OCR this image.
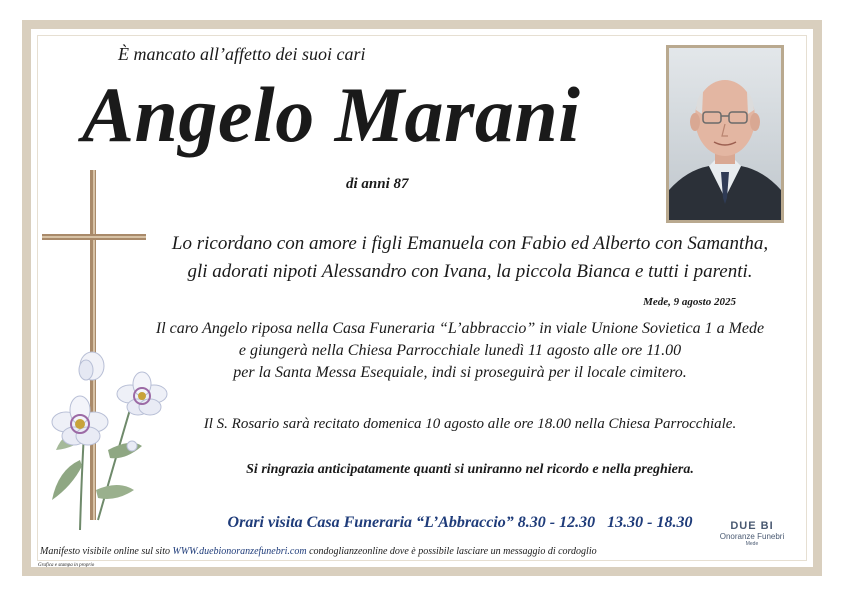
È mancato all’affetto dei suoi cari
Angelo Marani
di anni 87
Lo ricordano con amore i figli Emanuela con Fabio ed Alberto con Samantha,
gli adorati nipoti Alessandro con Ivana, la piccola Bianca e tutti i parenti.
Mede, 9 agosto 2025
Il caro Angelo riposa nella Casa Funeraria “L’abbraccio” in viale Unione Sovietica 1 a Mede
e giungerà nella Chiesa Parrocchiale lunedì 11 agosto alle ore 11.00
per la Santa Messa Esequiale, indi si proseguirà per il locale cimitero.
Il S. Rosario sarà recitato domenica 10 agosto alle ore 18.00 nella Chiesa Parrocchiale.
Si ringrazia anticipatamente quanti si uniranno nel ricordo e nella preghiera.
Orari visita Casa Funeraria “L’Abbraccio” 8.30 - 12.30   13.30 - 18.30	DUE BI
Onoranze Funebri
Mede
Manifesto visibile online sul sito WWW.duebionoranzefunebri.com condoglianzeonline dove è possibile lasciare un messaggio di cordoglio
Grafica e stampa in proprio
